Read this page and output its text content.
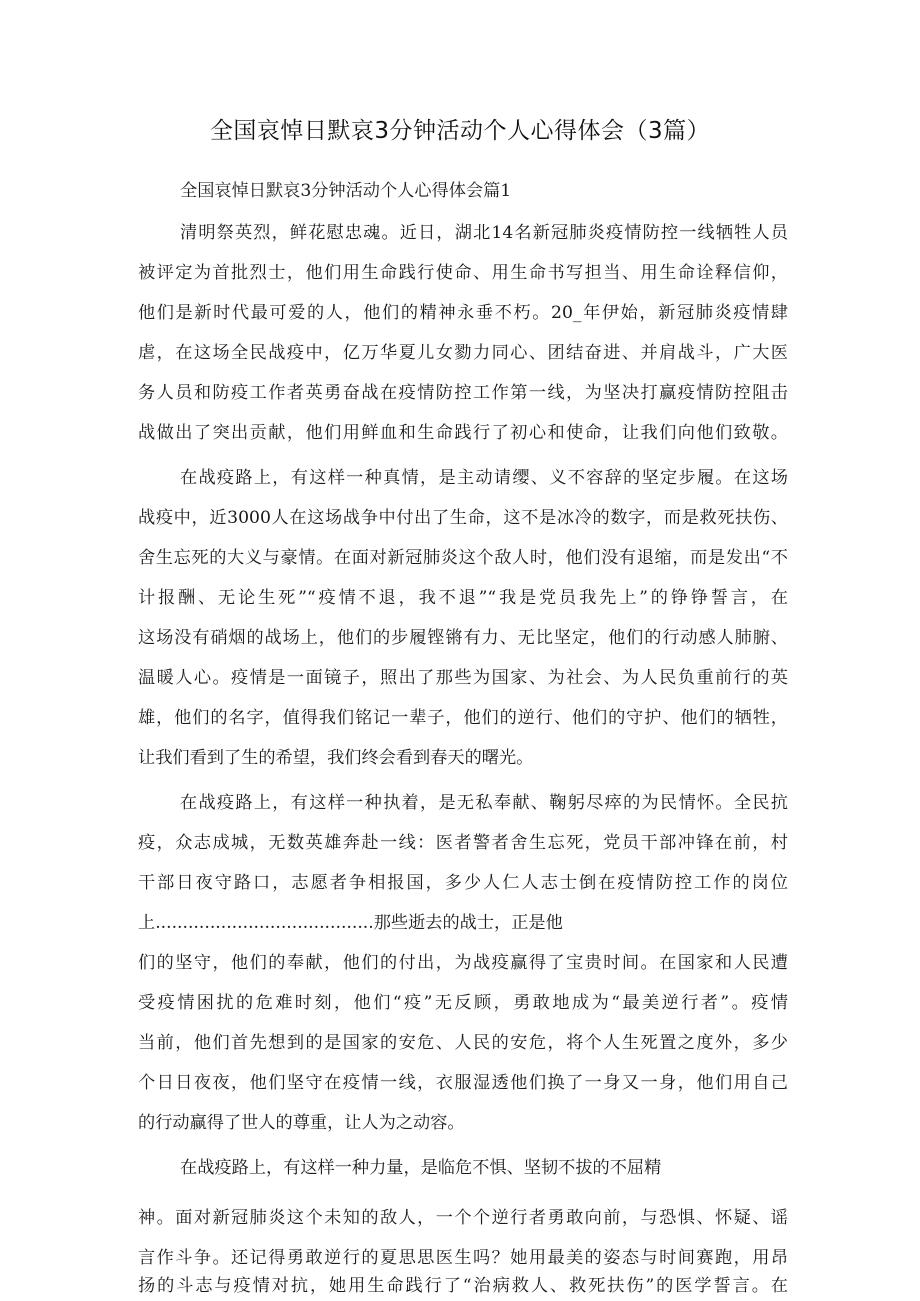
全国哀悼日默哀3分钟活动个人心得体会（3篇）
全国哀悼日默哀3分钟活动个人心得体会篇1
清明祭英烈，鲜花慰忠魂。近日，湖北14名新冠肺炎疫情防控一线牺牲人员
被评定为首批烈士，他们用生命践行使命、用生命书写担当、用生命诠释信仰，
他们是新时代最可爱的人，他们的精神永垂不朽。20_年伊始，新冠肺炎疫情肆
虐，在这场全民战疫中，亿万华夏儿女勠力同心、团结奋进、并肩战斗，广大医
务人员和防疫工作者英勇奋战在疫情防控工作第一线，为坚决打赢疫情防控阻击
战做出了突出贡献，他们用鲜血和生命践行了初心和使命，让我们向他们致敬。
在战疫路上，有这样一种真情，是主动请缨、义不容辞的坚定步履。在这场
战疫中，近3000人在这场战争中付出了生命，这不是冰冷的数字，而是救死扶伤、
舍生忘死的大义与豪情。在面对新冠肺炎这个敌人时，他们没有退缩，而是发出“不
计报酬、无论生死”“疫情不退，我不退”“我是党员我先上”的铮铮誓言，在
这场没有硝烟的战场上，他们的步履铿锵有力、无比坚定，他们的行动感人肺腑、
温暖人心。疫情是一面镜子，照出了那些为国家、为社会、为人民负重前行的英
雄，他们的名字，值得我们铭记一辈子，他们的逆行、他们的守护、他们的牺牲，
让我们看到了生的希望，我们终会看到春天的曙光。
在战疫路上，有这样一种执着，是无私奉献、鞠躬尽瘁的为民情怀。全民抗
疫，众志成城，无数英雄奔赴一线：医者警者舍生忘死，党员干部冲锋在前，村
干部日夜守路口，志愿者争相报国，多少人仁人志士倒在疫情防控工作的岗位
上........................................那些逝去的战士，正是他
们的坚守，他们的奉献，他们的付出，为战疫赢得了宝贵时间。在国家和人民遭
受疫情困扰的危难时刻，他们“疫”无反顾，勇敢地成为“最美逆行者”。疫情
当前，他们首先想到的是国家的安危、人民的安危，将个人生死置之度外，多少
个日日夜夜，他们坚守在疫情一线，衣服湿透他们换了一身又一身，他们用自己
的行动赢得了世人的尊重，让人为之动容。
在战疫路上，有这样一种力量，是临危不惧、坚韧不拔的不屈精
神。面对新冠肺炎这个未知的敌人，一个个逆行者勇敢向前，与恐惧、怀疑、谣
言作斗争。还记得勇敢逆行的夏思思医生吗？她用最美的姿态与时间赛跑，用昂
扬的斗志与疫情对抗，她用生命践行了“治病救人、救死扶伤”的医学誓言。在
